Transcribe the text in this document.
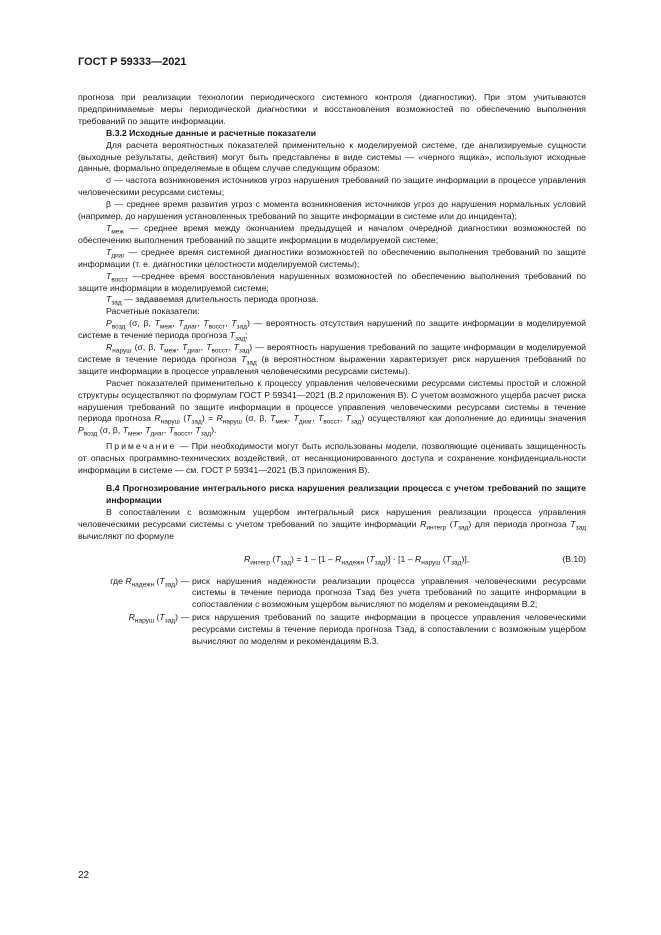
ГОСТ Р 59333—2021

прогноза при реализации технологии периодического системного контроля (диагностики). При этом учитываются предпринимаемые меры периодической диагностики и восстановления возможностей по обеспечению выполнения требований по защите информации.

В.3.2 Исходные данные и расчетные показатели

Для расчета вероятностных показателей применительно к моделируемой системе, где анализируемые сущности (выходные результаты, действия) могут быть представлены в виде системы — «черного ящика», используют исходные данные, формально определяемые в общем случае следующим образом:

σ — частота возникновения источников угроз нарушения требований по защите информации в процессе управления человеческими ресурсами системы;

β — среднее время развития угроз с момента возникновения источников угроз до нарушения нормальных условий (например, до нарушения установленных требований по защите информации в системе или до инцидента);

$T_{меж}$ — среднее время между окончанием предыдущей и началом очередной диагностики возможностей по обеспечению выполнения требований по защите информации в моделируемой системе;

$T_{диаг}$ — среднее время системной диагностики возможностей по обеспечению выполнения требований по защите информации (т. е. диагностики целостности моделируемой системы);

$T_{восст}$ —среднее время восстановления нарушенных возможностей по обеспечению выполнения требований по защите информации в моделируемой системе;

$T_{зад}$ — задаваемая длительность периода прогноза.

Расчетные показатели:

$P_{возд}$ (σ, β, $T_{меж}$, $T_{диаг}$, $T_{восст}$, $T_{зад}$) — вероятность отсутствия нарушений по защите информации в моделируемой системе в течение периода прогноза $T_{зад}$;

$R_{наруш}$ (σ, β, $T_{меж}$, $T_{диаг}$, $T_{восст}$, $T_{зад}$) — вероятность нарушения требований по защите информации в моделируемой системе в течение периода прогноза $T_{зад}$ (в вероятностном выражении характеризует риск нарушения требований по защите информации в процессе управления человеческими ресурсами системы).

Расчет показателей применительно к процессу управления человеческими ресурсами системы простой и сложной структуры осуществляют по формулам ГОСТ Р 59341—2021 (В.2 приложения В). С учетом возможного ущерба расчет риска нарушения требований по защите информации в процессе управления человеческими ресурсами системы в течение периода прогноза $R_{наруш}$ $(T_{зад}) = R_{наруш}$ (σ, β, $T_{меж}$, $T_{диаг}$, $T_{восст}$, $T_{зад}$) осуществляют как дополнение до единицы значения $P_{возд}$ (σ, β, $T_{меж}$, $T_{диаг}$, $T_{восст}$, $T_{зад}$).

Примечание — При необходимости могут быть использованы модели, позволяющие оценивать защищенность от опасных программно-технических воздействий, от несанкционированного доступа и сохранение конфиденциальности информации в системе — см. ГОСТ Р 59341—2021 (В.3 приложения В).

В.4 Прогнозирование интегрального риска нарушения реализации процесса с учетом требований по защите информации

В сопоставлении с возможным ущербом интегральный риск нарушения реализации процесса управления человеческими ресурсами системы с учетом требований по защите информации $R_{интегр}$ $(T_{зад})$ для периода прогноза $T_{зад}$ вычисляют по формуле

$R_{интегр}$ $(T_{зад}) = 1 - [1 - R_{надежн}$ $(T_{зад})] \cdot [1 - R_{наруш}$ $(T_{зад})$],	(В.10)
где $R_{надежн}$ $(T_{зад})$ — риск нарушения надежности реализации процесса управления человеческими ресурсами системы в течение периода прогноза Tзад без учета требований по защите информации в сопоставлении с возможным ущербом вычисляют по моделям и рекомендациям В.2;
$R_{наруш}$ $(T_{зад})$ — риск нарушения требований по защите информации в процессе управления человеческими ресурсами системы в течение периода прогноза Tзад, в сопоставлении с возможным ущербом вычисляют по моделям и рекомендациям В.3.
22
